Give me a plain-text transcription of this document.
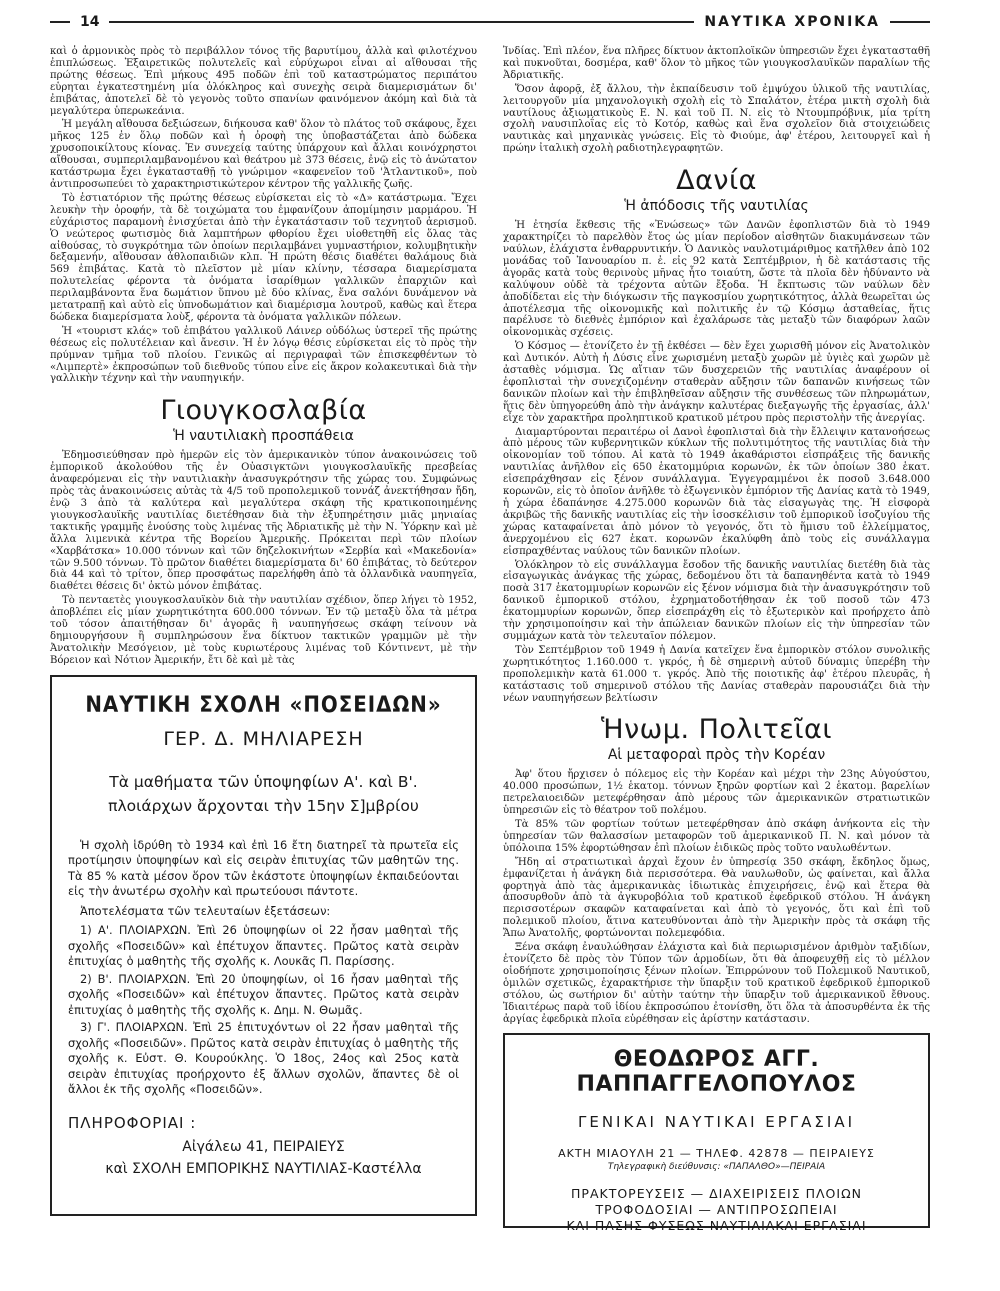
14	ΝΑΥΤΙΚΑ ΧΡΟΝΙΚΑ

καὶ ὁ ἁρμονικὸς πρὸς τὸ περιβάλλον τόνος τῆς βαρυτίμου, ἀλλὰ καὶ φιλοτέχνου ἐπιπλώσεως. Ἐξαιρετικῶς πολυτελεῖς καὶ εὐρύχωροι εἶναι αἱ αἴθουσαι τῆς πρώτης θέσεως. Ἐπὶ μήκους 495 ποδῶν ἐπὶ τοῦ καταστρώματος περιπάτου εὑρηται ἐγκατεστημένη μία ὁλόκληρος καὶ συνεχὴς σειρὰ διαμερισμάτων δι' ἐπιβάτας, ἀποτελεῖ δὲ τὸ γεγονὸς τοῦτο σπανίων φαινόμενον ἀκόμη καὶ διὰ τὰ μεγαλύτερα ὑπερωκεάνια.

Ἡ μεγάλη αἴθουσα δεξιώσεων, διήκουσα καθ' ὅλον τὸ πλάτος τοῦ σκάφους, ἔχει μῆκος 125 ἐν ὅλῳ ποδῶν καὶ ἡ ὀροφὴ της ὑποβαστάζεται ἀπὸ δώδεκα χρυσοποικίλτους κίονας. Ἐν συνεχείᾳ ταύτης ὑπάρχουν καὶ ἄλλαι κοινόχρηστοι αἴθουσαι, συμπεριλαμβανομένου καὶ θεάτρου μὲ 373 θέσεις, ἐνῷ εἰς τὸ ἀνώτατον κατάστρωμα ἔχει ἐγκατασταθῇ τὸ γνώριμον «καφενεῖον τοῦ 'Ἀτλαντικοῦ», ποὺ ἀντιπροσωπεύει τὸ χαρακτηριστικώτερον κέντρον τῆς γαλλικῆς ζωῆς.

Τὸ ἑστιατόριον τῆς πρώτης θέσεως εὑρίσκεται εἰς τὸ «Δ» κατάστρωμα. Ἔχει λευκὴν τὴν ὀροφήν, τὰ δὲ τοιχώματα του ἐμφανίζουν ἀπομίμησιν μαρμάρου. Ἡ εὐχάριστος παραμονὴ ἐνισχύεται ἀπὸ τὴν ἐγκατάστασιν τοῦ τεχνητοῦ ἀερισμοῦ. Ὁ νεώτερος φωτισμὸς διὰ λαμπτήρων φθορίου ἔχει υἱοθετηθῆ εἰς ὅλας τὰς αἰθούσας, τὸ συγκρότημα τῶν ὁποίων περιλαμβάνει γυμναστήριον, κολυμβητικὴν δεξαμενήν, αἴθουσαν ἀθλοπαιδιῶν κλπ. Ἡ πρώτη θέσις διαθέτει θαλάμους διὰ 569 ἐπιβάτας. Κατὰ τὸ πλεῖστον μὲ μίαν κλίνην, τέσσαρα διαμερίσματα πολυτελείας φέροντα τὰ ὀνόματα ἰσαρίθμων γαλλικῶν ἐπαρχιῶν καὶ περιλαμβάνοντα ἕνα δωμάτιον ὕπνου μὲ δύο κλίνας, ἕνα σαλόνι δυνάμενον νὰ μετατραπῇ καὶ αὐτὸ εἰς ὑπνοδωμάτιον καὶ διαμέρισμα λουτροῦ, καθὼς καὶ ἕτερα δώδεκα διαμερίσματα λοὺξ, φέροντα τὰ ὀνόματα γαλλικῶν πόλεων.

Ἡ «τουριστ κλάς» τοῦ ἐπιβάτου γαλλικοῦ Λάινερ οὐδόλως ὑστερεῖ τῆς πρώτης θέσεως εἰς πολυτέλειαν καὶ ἄνεσιν. Ἡ ἐν λόγῳ θέσις εὑρίσκεται εἰς τὸ πρὸς τὴν πρύμναν τμῆμα τοῦ πλοίου. Γενικῶς αἱ περιγραφαὶ τῶν ἐπισκεφθέντων τὸ «Λιμπερτὲ» ἐκπροσώπων τοῦ διεθνοῦς τύπου εἶνε εἰς ἄκρον κολακευτικαὶ διὰ τὴν γαλλικὴν τέχνην καὶ τὴν ναυπηγικήν.

Γιουγκοσλαβία
Ἡ ναυτιλιακὴ προσπάθεια

Ἐδημοσιεύθησαν πρὸ ἡμερῶν εἰς τὸν ἀμερικανικὸν τύπον ἀνακοινώσεις τοῦ ἐμπορικοῦ ἀκολούθου τῆς ἐν Οὐασιγκτῶνι γιουγκοσλαυϊκῆς πρεσβείας ἀναφερόμεναι εἰς τὴν ναυτιλιακὴν ἀνασυγκρότησιν τῆς χώρας του. Συμφώνως πρὸς τὰς ἀνακοινώσεις αὐτὰς τὰ 4/5 τοῦ προπολεμικοῦ τοννάζ ἀνεκτήθησαν ἤδη, ἐνῷ 3 ἀπὸ τὰ καλύτερα καὶ μεγαλύτερα σκάφη τῆς κρατικοποιημένης γιουγκοσλαυϊκῆς ναυτιλίας διετέθησαν διὰ τὴν ἐξυπηρέτησιν μιᾶς μηνιαίας τακτικῆς γραμμῆς ἑνούσης τοὺς λιμένας τῆς Ἀδριατικῆς μὲ τὴν Ν. Ὑόρκην καὶ μὲ ἄλλα λιμενικὰ κέντρα τῆς Βορείου Ἀμερικῆς. Πρόκειται περὶ τῶν πλοίων «Χαρβάτσκα» 10.000 τόννων καὶ τῶν δηζελοκινήτων «Σερβία καὶ «Μακεδονία» τῶν 9.500 τόννων. Τὸ πρῶτον διαθέτει διαμερίσματα δι' 60 ἐπιβάτας, τὸ δεύτερον διὰ 44 καὶ τὸ τρίτον, ὅπερ προσφάτως παρελήφθη ἀπὸ τὰ ὁλλανδικὰ ναυπηγεῖα, διαθέτει θέσεις δι' ὀκτὼ μόνον ἐπιβάτας.

Τὸ πενταετὲς γιουγκοσλαυϊκὸν διὰ τὴν ναυτιλίαν σχέδιον, ὅπερ λήγει τὸ 1952, ἀποβλέπει εἰς μίαν χωρητικότητα 600.000 τόννων. Ἐν τῷ μεταξὺ ὅλα τὰ μέτρα τοῦ τόσον ἀπαιτήθησαν δι' ἀγορᾶς ἢ ναυπηγήσεως σκάφη τείνουν νὰ δημιουργήσουν ἢ συμπληρώσουν ἕνα δίκτυον τακτικῶν γραμμῶν μὲ τὴν Ἀνατολικὴν Μεσόγειον, μὲ τοὺς κυριωτέρους λιμένας τοῦ Κόντινεντ, μὲ τὴν Βόρειον καὶ Νότιον Ἀμερικήν, ἔτι δὲ καὶ μὲ τὰς

ΝΑΥΤΙΚΗ ΣΧΟΛΗ «ΠΟΣΕΙΔΩΝ»
ΓΕΡ. Δ. ΜΗΛΙΑΡΕΣΗ
Τὰ μαθήματα τῶν ὑποψηφίων Α'. καὶ Β'.
πλοιάρχων ἄρχονται τὴν 15ην Σ]μβρίου

Ἡ σχολὴ ἱδρύθη τὸ 1934 καὶ ἐπὶ 16 ἔτη διατηρεῖ τὰ πρωτεῖα εἰς προτίμησιν ὑποψηφίων καὶ εἰς σειρὰν ἐπιτυχίας τῶν μαθητῶν της. Τὰ 85 % κατὰ μέσον ὅρον τῶν ἑκάστοτε ὑποψηφίων ἐκπαιδεύονται εἰς τὴν ἀνωτέρω σχολὴν καὶ πρωτεύουσι πάντοτε.

Ἀποτελέσματα τῶν τελευταίων ἐξετάσεων:

1) Α'. ΠΛΟΙΑΡΧΩΝ. Ἐπὶ 26 ὑποψηφίων οἱ 22 ἦσαν μαθηταὶ τῆς σχολῆς «Ποσειδῶν» καὶ ἐπέτυχον ἅπαντες. Πρῶτος κατὰ σειρὰν ἐπιτυχίας ὁ μαθητὴς τῆς σχολῆς κ. Λουκᾶς Π. Παρίσσης.

2) Β'. ΠΛΟΙΑΡΧΩΝ. Ἐπὶ 20 ὑποψηφίων, οἱ 16 ἦσαν μαθηταὶ τῆς σχολῆς «Ποσειδῶν» καὶ ἐπέτυχον ἅπαντες. Πρῶτος κατὰ σειρὰν ἐπιτυχίας ὁ μαθητὴς τῆς σχολῆς κ. Δημ. Ν. Θωμᾶς.

3) Γ'. ΠΛΟΙΑΡΧΩΝ. Ἐπὶ 25 ἐπιτυχόντων οἱ 22 ἦσαν μαθηταὶ τῆς σχολῆς «Ποσειδῶν». Πρῶτος κατὰ σειρὰν ἐπιτυχίας ὁ μαθητὴς τῆς σχολῆς κ. Εὐστ. Θ. Κουρούκλης. Ὁ 18ος, 24ος καὶ 25ος κατὰ σειρὰν ἐπιτυχίας προήρχοντο ἐξ ἄλλων σχολῶν, ἅπαντες δὲ οἱ ἄλλοι ἐκ τῆς σχολῆς «Ποσειδῶν».

ΠΛΗΡΟΦΟΡΙΑΙ :
Αἰγάλεω 41, ΠΕΙΡΑΙΕΥΣ
καὶ ΣΧΟΛΗ ΕΜΠΟΡΙΚΗΣ ΝΑΥΤΙΛΙΑΣ-Καστέλλα

Ἰνδίας. Ἐπὶ πλέον, ἕνα πλῆρες δίκτυον ἀκτοπλοϊκῶν ὑπηρεσιῶν ἔχει ἐγκατασταθῆ καὶ πυκνοῦται, δοσμέρα, καθ' ὅλον τὸ μῆκος τῶν γιουγκοσλαυϊκῶν παραλίων τῆς Ἀδριατικῆς.

Ὅσον ἀφορᾷ, ἐξ ἄλλου, τὴν ἐκπαίδευσιν τοῦ ἐμψύχου ὑλικοῦ τῆς ναυτιλίας, λειτουργοῦν μία μηχανολογικὴ σχολὴ εἰς τὸ Σπαλάτον, ἑτέρα μικτὴ σχολὴ διὰ ναυτίλους ἀξιωματικοὺς Ε. Ν. καὶ τοῦ Π. Ν. εἰς τὸ Ντουμπρόβνικ, μία τρίτη σχολὴ ναυσιπλοΐας εἰς τὸ Κοτόρ, καθὼς καὶ ἕνα σχολεῖον διὰ στοιχειώδεις ναυτικὰς καὶ μηχανικὰς γνώσεις. Εἰς τὸ Φιούμε, ἀφ' ἑτέρου, λειτουργεῖ καὶ ἡ πρώην ἰταλικὴ σχολὴ ραδιοτηλεγραφητῶν.

Δανία
Ἡ ἀπόδοσις τῆς ναυτιλίας

Ἡ ἐτησία ἔκθεσις τῆς «Ἐνώσεως» τῶν Δανῶν ἐφοπλιστῶν διὰ τὸ 1949 χαρακτηρίζει τὸ παρελθὸν ἔτος ὡς μίαν περίοδον αἰσθητῶν διακυμάνσεων τῶν ναύλων, ἐλάχιστα ἐνθαρρυντικήν. Ὁ Δανικὸς ναυλοτιμάριθμος κατῆλθεν ἀπὸ 102 μονάδας τοῦ Ἰανουαρίου π. ἐ. εἰς 92 κατὰ Σεπτέμβριον, ἡ δὲ κατάστασις τῆς ἀγορᾶς κατὰ τοὺς θερινοὺς μῆνας ἦτο τοιαύτη, ὥστε τὰ πλοῖα δὲν ἠδύναντο νὰ καλύψουν οὐδὲ τὰ τρέχοντα αὐτῶν ἔξοδα. Ἡ ἔκπτωσις τῶν ναύλων δὲν ἀποδίδεται εἰς τὴν διόγκωσιν τῆς παγκοσμίου χωρητικότητος, ἀλλὰ θεωρεῖται ὡς ἀποτέλεσμα τῆς οἰκονομικῆς καὶ πολιτικῆς ἐν τῷ Κόσμῳ ἀσταθείας, ἥτις παρέλυσε τὸ διεθνὲς ἐμπόριον καὶ ἐχαλάρωσε τὰς μεταξὺ τῶν διαφόρων λαῶν οἰκονομικὰς σχέσεις.

Ὁ Κόσμος — ἐτονίζετο ἐν τῇ ἐκθέσει — δὲν ἔχει χωρισθῆ μόνον εἰς Ἀνατολικὸν καὶ Δυτικόν. Αὐτὴ ἡ Δύσις εἶνε χωρισμένη μεταξὺ χωρῶν μὲ ὑγιὲς καὶ χωρῶν μὲ ἀσταθὲς νόμισμα. Ὡς αἴτιαν τῶν δυσχερειῶν τῆς ναυτιλίας ἀναφέρουν οἱ ἐφοπλισταὶ τὴν συνεχιζομένην σταθερὰν αὔξησιν τῶν δαπανῶν κινήσεως τῶν δανικῶν πλοίων καὶ τὴν ἐπιβληθεῖσαν αὔξησιν τῆς συνθέσεως τῶν πληρωμάτων, ἥτις δὲν ὑπηγορεύθη ἀπὸ τὴν ἀνάγκην καλυτέρας διεξαγωγῆς τῆς ἐργασίας, ἀλλ' εἶχε τὸν χαρακτῆρα προληπτικοῦ κρατικοῦ μέτρου πρὸς περιστολὴν τῆς ἀνεργίας.

Διαμαρτύρονται περαιτέρω οἱ Δανοὶ ἐφοπλισταὶ διὰ τὴν ἔλλειψιν κατανοήσεως ἀπὸ μέρους τῶν κυβερνητικῶν κύκλων τῆς πολυτιμότητος τῆς ναυτιλίας διὰ τὴν οἰκονομίαν τοῦ τόπου. Αἱ κατὰ τὸ 1949 ἀκαθάριστοι εἰσπράξεις τῆς δανικῆς ναυτιλίας ἀνῆλθον εἰς 650 ἑκατομμύρια κορωνῶν, ἐκ τῶν ὁποίων 380 ἑκατ. εἰσεπράχθησαν εἰς ξένον συνάλλαγμα. Ἐγγεγραμμένοι ἐκ ποσοῦ 3.648.000 κορωνῶν, εἰς τὸ ὁποῖον ἀνῆλθε τὸ ἐξωγενικὸν ἐμπόριον τῆς Δανίας κατὰ τὸ 1949, ἡ χώρα ἐδαπάνησε 4.275.000 κορωνῶν διὰ τὰς εἰσαγωγὰς της. Ἡ εἰσφορὰ ἀκριβῶς τῆς δανικῆς ναυτιλίας εἰς τὴν ἰσοσκέλισιν τοῦ ἐμπορικοῦ ἰσοζυγίου τῆς χώρας καταφαίνεται ἀπὸ μόνον τὸ γεγονός, ὅτι τὸ ἥμισυ τοῦ ἐλλείμματος, ἀνερχομένου εἰς 627 ἑκατ. κορωνῶν ἐκαλύφθη ἀπὸ τοὺς εἰς συνάλλαγμα εἰσπραχθέντας ναύλους τῶν δανικῶν πλοίων.

Ὁλόκληρον τὸ εἰς συνάλλαγμα ἔσοδον τῆς δανικῆς ναυτιλίας διετέθη διὰ τὰς εἰσαγωγικὰς ἀνάγκας τῆς χώρας, δεδομένου ὅτι τὰ δαπανηθέντα κατὰ τὸ 1949 ποσὰ 317 ἑκατομμυρίων κορωνῶν εἰς ξένον νόμισμα διὰ τὴν ἀνασυγκρότησιν τοῦ δανικοῦ ἐμπορικοῦ στόλου, ἐχρηματοδοτήθησαν ἐκ τοῦ ποσοῦ τῶν 473 ἑκατομμυρίων κορωνῶν, ὅπερ εἰσεπράχθη εἰς τὸ ἐξωτερικὸν καὶ προήρχετο ἀπὸ τὴν χρησιμοποίησιν καὶ τὴν ἀπώλειαν δανικῶν πλοίων εἰς τὴν ὑπηρεσίαν τῶν συμμάχων κατὰ τὸν τελευταῖον πόλεμον.

Τὸν Σεπτέμβριον τοῦ 1949 ἡ Δανία κατεῖχεν ἕνα ἐμπορικὸν στόλον συνολικῆς χωρητικότητος 1.160.000 τ. γκρός, ἡ δὲ σημερινὴ αὐτοῦ δύναμις ὑπερέβη τὴν προπολεμικὴν κατὰ 61.000 τ. γκρός. Ἀπὸ τῆς ποιοτικῆς ἀφ' ἑτέρου πλευρᾶς, ἡ κατάστασις τοῦ σημερινοῦ στόλου τῆς Δανίας σταθερὰν παρουσιάζει διὰ τὴν νέων ναυπηγήσεων βελτίωσιν

Ἡνωμ. Πολιτεῖαι
Αἱ μεταφοραὶ πρὸς τὴν Κορέαν

Ἀφ' ὅτου ἤρχισεν ὁ πόλεμος εἰς τὴν Κορέαν καὶ μέχρι τὴν 23ης Αὐγούστου, 40.000 προσώπων, 1½ ἑκατομ. τόννων ξηρῶν φορτίων καὶ 2 ἑκατομ. βαρελίων πετρελαιοειδῶν μετεφέρθησαν ἀπὸ μέρους τῶν ἀμερικανικῶν στρατιωτικῶν ὑπηρεσιῶν εἰς τὸ θέατρον τοῦ πολέμου.

Τὰ 85% τῶν φορτίων τούτων μετεφέρθησαν ἀπὸ σκάφη ἀνήκοντα εἰς τὴν ὑπηρεσίαν τῶν θαλασσίων μεταφορῶν τοῦ ἀμερικανικοῦ Π. Ν. καὶ μόνον τὰ ὑπόλοιπα 15% ἐφορτώθησαν ἐπὶ πλοίων ἐιδικῶς πρὸς τοῦτο ναυλωθέντων.

Ἤδη αἱ στρατιωτικαὶ ἀρχαὶ ἔχουν ἐν ὑπηρεσίᾳ 350 σκάφη, ἔκδηλος ὅμως, ἐμφανίζεται ἡ ἀνάγκη διὰ περισσότερα. Θὰ ναυλωθοῦν, ὡς φαίνεται, καὶ ἄλλα φορτηγὰ ἀπὸ τὰς ἀμερικανικὰς ἰδιωτικὰς ἐπιχειρήσεις, ἐνῷ καὶ ἕτερα θὰ ἀποσυρθοῦν ἀπὸ τὰ ἀγκυροβόλια τοῦ κρατικοῦ ἐφεδρικοῦ στόλου. Ἡ ἀνάγκη περισσοτέρων σκαφῶν καταφαίνεται καὶ ἀπὸ τὸ γεγονός, ὅτι καὶ ἐπὶ τοῦ πολεμικοῦ πλοίου, ἅτινα κατευθύνονται ἀπὸ τὴν Ἀμερικὴν πρὸς τὰ σκάφη τῆς Ἄπω Ἀνατολῆς, φορτώνονται πολεμεφόδια.

Ξένα σκάφη ἐναυλώθησαν ἐλάχιστα καὶ διὰ περιωρισμένον ἀριθμὸν ταξιδίων, ἐτονίζετο δὲ πρὸς τὸν Τύπον τῶν ἁρμοδίων, ὅτι θὰ ἀποφευχθῇ εἰς τὸ μέλλον οἱοδήποτε χρησιμοποίησις ξένων πλοίων. Ἐπιρρώνουν τοῦ Πολεμικοῦ Ναυτικοῦ, ὁμιλῶν σχετικῶς, ἐχαρακτήρισε τὴν ὕπαρξιν τοῦ κρατικοῦ ἐφεδρικοῦ ἐμπορικοῦ στόλου, ὡς σωτήριον δι' αὐτὴν ταύτην τὴν ὕπαρξιν τοῦ ἀμερικανικοῦ ἔθνους. Ἰδιαιτέρως παρὰ τοῦ ἰδίου ἐκπροσώπου ἐτονίσθη, ὅτι ὅλα τὰ ἀποσυρθέντα ἐκ τῆς ἀργίας ἐφεδρικὰ πλοῖα εὑρέθησαν εἰς ἀρίστην κατάστασιν.

ΘΕΟΔΩΡΟΣ ΑΓΓ. ΠΑΠΠΑΓΓΕΛΟΠΟΥΛΟΣ
ΓΕΝΙΚΑΙ ΝΑΥΤΙΚΑΙ ΕΡΓΑΣΙΑΙ
ΑΚΤΗ ΜΙΑΟΥΛΗ 21 — ΤΗΛΕΦ. 42878 — ΠΕΙΡΑΙΕΥΣ
Τηλεγραφικὴ διεύθυνσις: «ΠΑΠΑΛΘΟ»—ΠΕΙΡΑΙΑ
ΠΡΑΚΤΟΡΕΥΣΕΙΣ — ΔΙΑΧΕΙΡΙΣΕΙΣ ΠΛΟΙΩΝ
ΤΡΟΦΟΔΟΣΙΑΙ — ΑΝΤΙΠΡΟΣΩΠΕΙΑΙ
ΚΑΙ ΠΑΣΗΣ ΦΥΣΕΩΣ ΝΑΥΤΙΛΙΑΚΑΙ ΕΡΓΑΣΙΑΙ
